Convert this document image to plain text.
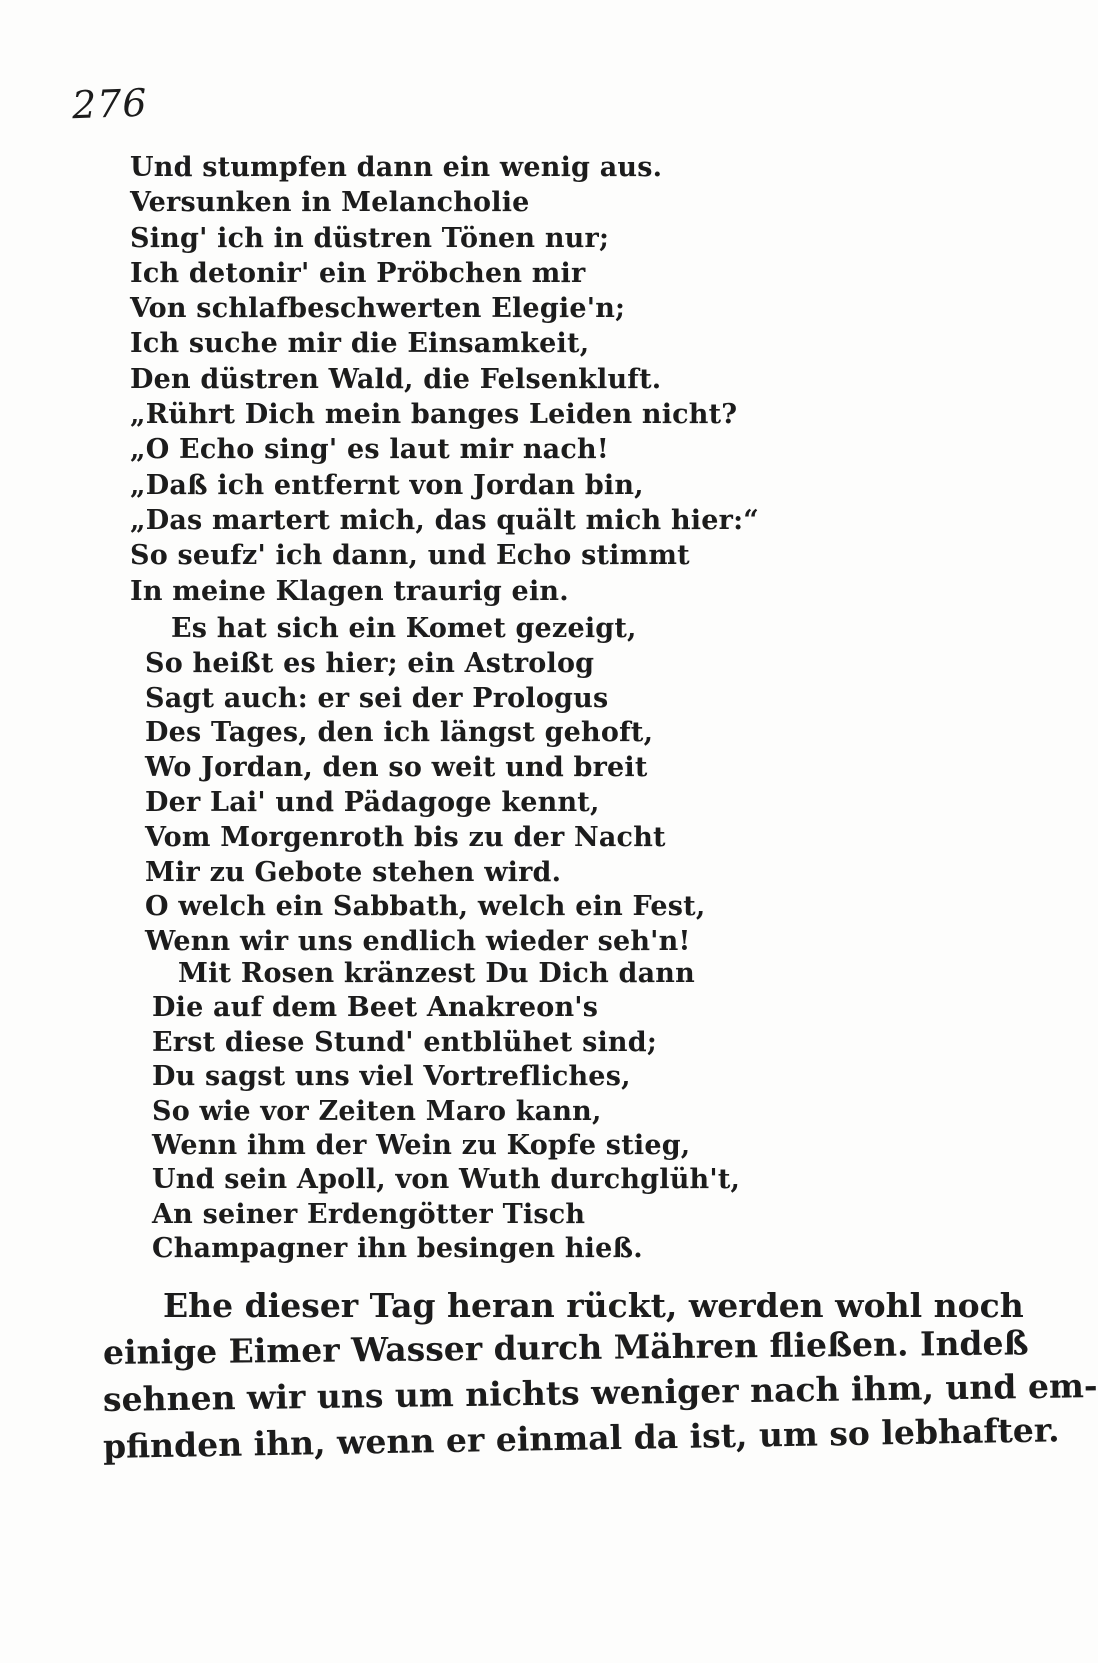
276
Und stumpfen dann ein wenig aus.
Versunken in Melancholie
Sing' ich in düstren Tönen nur;
Ich detonir' ein Pröbchen mir
Von schlafbeschwerten Elegie'n;
Ich suche mir die Einsamkeit,
Den düstren Wald, die Felsenkluft.
„Rührt Dich mein banges Leiden nicht?
„O Echo sing' es laut mir nach!
„Daß ich entfernt von Jordan bin,
„Das martert mich, das quält mich hier:“
So seufz' ich dann, und Echo stimmt
In meine Klagen traurig ein.
Es hat sich ein Komet gezeigt,
So heißt es hier; ein Astrolog
Sagt auch: er sei der Prologus
Des Tages, den ich längst gehoft,
Wo Jordan, den so weit und breit
Der Lai' und Pädagoge kennt,
Vom Morgenroth bis zu der Nacht
Mir zu Gebote stehen wird.
O welch ein Sabbath, welch ein Fest,
Wenn wir uns endlich wieder seh'n!
Mit Rosen kränzest Du Dich dann
Die auf dem Beet Anakreon's
Erst diese Stund' entblühet sind;
Du sagst uns viel Vortrefliches,
So wie vor Zeiten Maro kann,
Wenn ihm der Wein zu Kopfe stieg,
Und sein Apoll, von Wuth durchglüh't,
An seiner Erdengötter Tisch
Champagner ihn besingen hieß.
Ehe dieser Tag heran rückt, werden wohl noch
einige Eimer Wasser durch Mähren fließen. Indeß
sehnen wir uns um nichts weniger nach ihm, und em-
pfinden ihn, wenn er einmal da ist, um so lebhafter.
